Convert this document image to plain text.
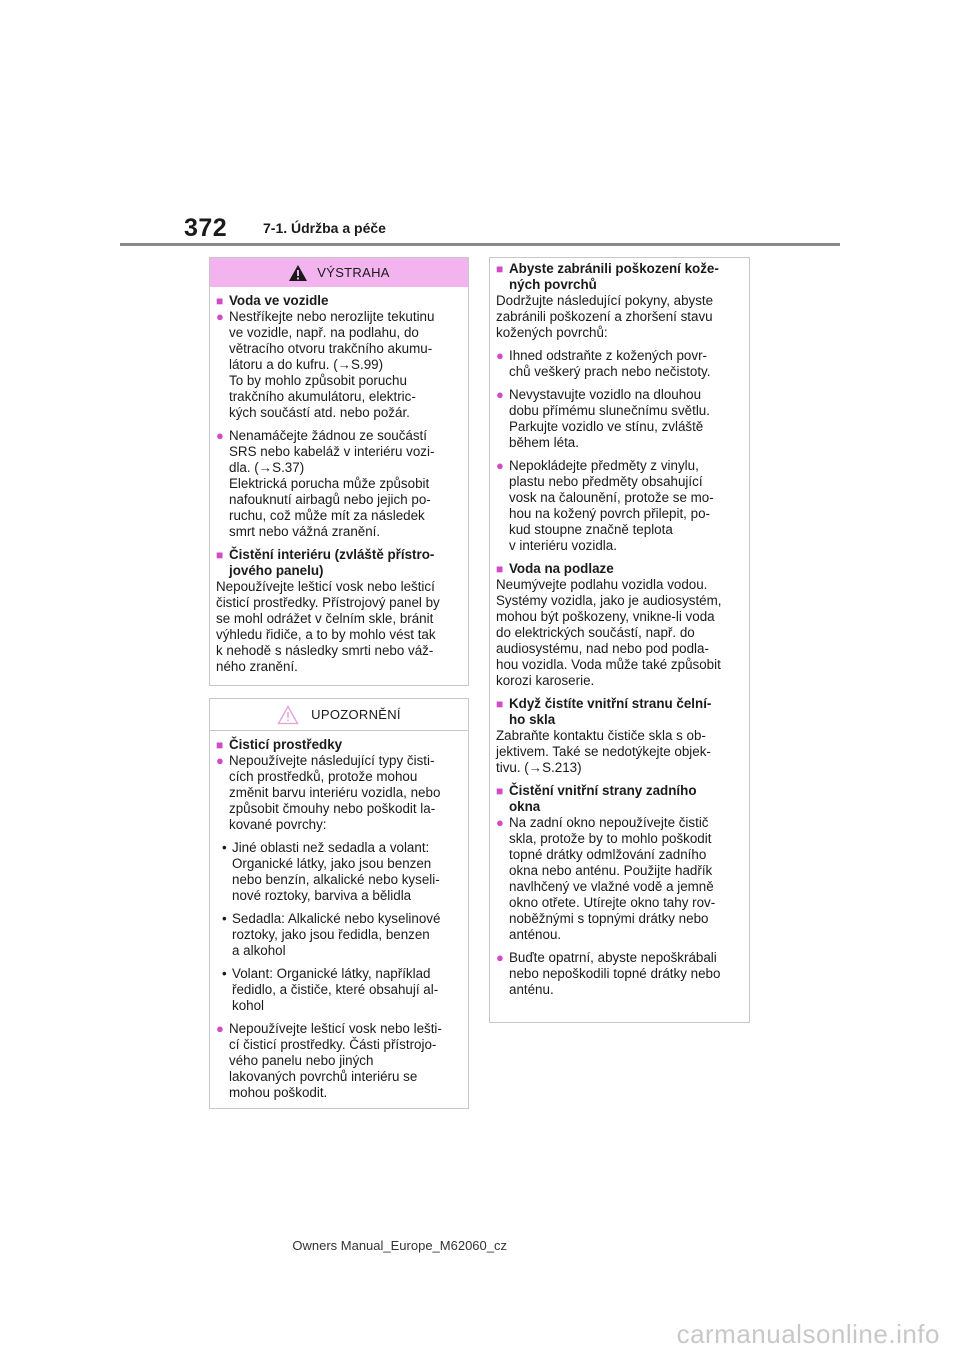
372	7-1. Údržba a péče
VÝSTRAHA
■ Voda ve vozidle
● Nestříkejte nebo nerozlijte tekutinu
ve vozidle, např. na podlahu, do
větracího otvoru trakčního akumu-
látoru a do kufru. (→S.99)
To by mohlo způsobit poruchu
trakčního akumulátoru, elektric-
kých součástí atd. nebo požár.
● Nenamáčejte žádnou ze součástí
SRS nebo kabeláž v interiéru vozi-
dla. (→S.37)
Elektrická porucha může způsobit
nafouknutí airbagů nebo jejich po-
ruchu, což může mít za následek
smrt nebo vážná zranění.
■ Čistění interiéru (zvláště přístro-
jového panelu)
Nepoužívejte lešticí vosk nebo lešticí
čisticí prostředky. Přístrojový panel by
se mohl odrážet v čelním skle, bránit
výhledu řidiče, a to by mohlo vést tak
k nehodě s následky smrti nebo váž-
ného zranění.
UPOZORNĚNÍ
■ Čisticí prostředky
● Nepoužívejte následující typy čisti-
cích prostředků, protože mohou
změnit barvu interiéru vozidla, nebo
způsobit čmouhy nebo poškodit la-
kované povrchy:
• Jiné oblasti než sedadla a volant:
Organické látky, jako jsou benzen
nebo benzín, alkalické nebo kyseli-
nové roztoky, barviva a bělidla
• Sedadla: Alkalické nebo kyselinové
roztoky, jako jsou ředidla, benzen
a alkohol
• Volant: Organické látky, například
ředidlo, a čističe, které obsahují al-
kohol
● Nepoužívejte lešticí vosk nebo lešti-
cí čisticí prostředky. Části přístrojo-
vého panelu nebo jiných
lakovaných povrchů interiéru se
mohou poškodit.
■ Abyste zabránili poškození kože-
ných povrchů
Dodržujte následující pokyny, abyste
zabránili poškození a zhoršení stavu
kožených povrchů:
● Ihned odstraňte z kožených povr-
chů veškerý prach nebo nečistoty.
● Nevystavujte vozidlo na dlouhou
dobu přímému slunečnímu světlu.
Parkujte vozidlo ve stínu, zvláště
během léta.
● Nepokládejte předměty z vinylu,
plastu nebo předměty obsahující
vosk na čalounění, protože se mo-
hou na kožený povrch přilepit, po-
kud stoupne značně teplota
v interiéru vozidla.
■ Voda na podlaze
Neumývejte podlahu vozidla vodou.
Systémy vozidla, jako je audiosystém,
mohou být poškozeny, vnikne-li voda
do elektrických součástí, např. do
audiosystému, nad nebo pod podla-
hou vozidla. Voda může také způsobit
korozi karoserie.
■ Když čistíte vnitřní stranu čelní-
ho skla
Zabraňte kontaktu čističe skla s ob-
jektivem. Také se nedotýkejte objek-
tivu. (→S.213)
■ Čistění vnitřní strany zadního
okna
● Na zadní okno nepoužívejte čistič
skla, protože by to mohlo poškodit
topné drátky odmlžování zadního
okna nebo anténu. Použijte hadřík
navlhčený ve vlažné vodě a jemně
okno otřete. Utírejte okno tahy rov-
noběžnými s topnými drátky nebo
anténou.
● Buďte opatrní, abyste nepoškrábali
nebo nepoškodili topné drátky nebo
anténu.
Owners Manual_Europe_M62060_cz
carmanualsonline.info
